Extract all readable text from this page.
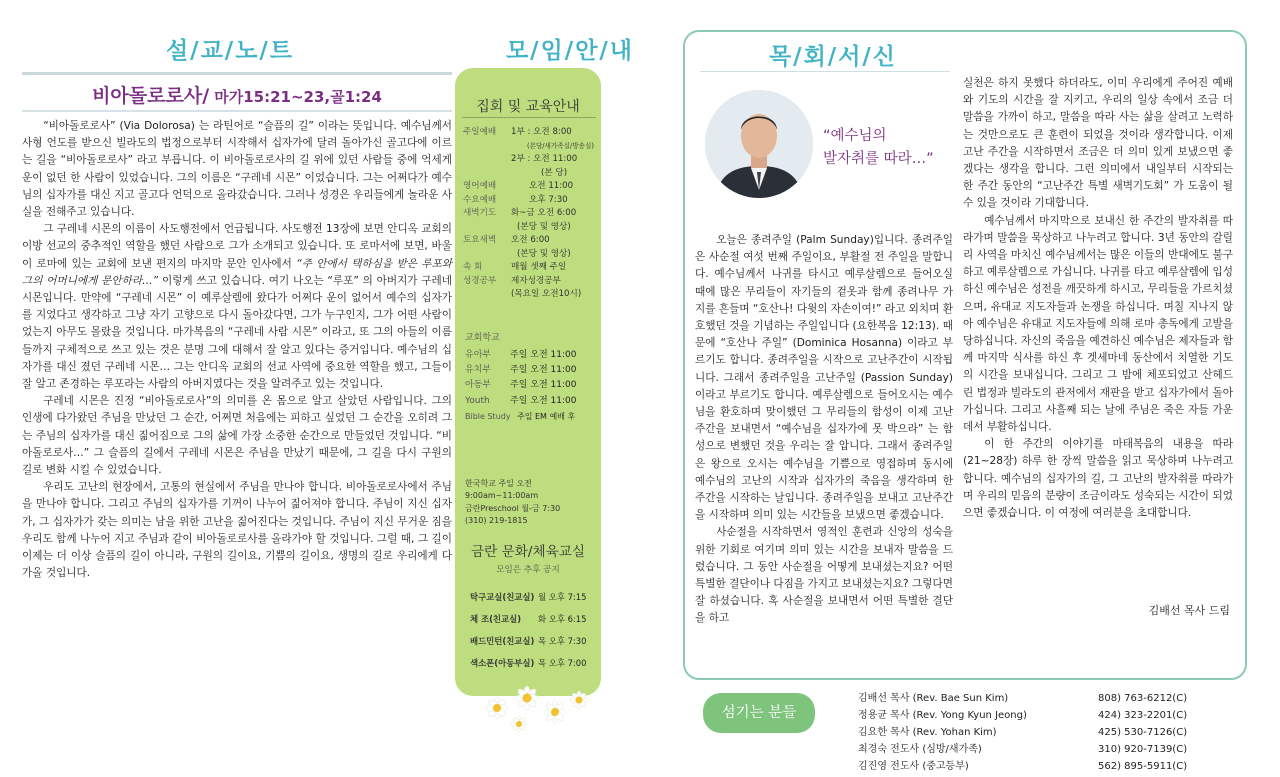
설/교/노/트
비아돌로로사/ 마가15:21~23,골1:24

“비아돌로로사” (Via Dolorosa) 는 라틴어로 “슬픔의 길” 이라는 뜻입니다. 예수님께서 사형 언도를 받으신 빌라도의 법정으로부터 시작해서 십자가에 달려 돌아가신 골고다에 이르는 길을 “비아돌로로사” 라고 부릅니다. 이 비아돌로로사의 길 위에 있던 사람들 중에 억세게 운이 없던 한 사람이 있었습니다. 그의 이름은 “구레네 시몬” 이었습니다. 그는 어쩌다가 예수님의 십자가를 대신 지고 골고다 언덕으로 올라갔습니다. 그러나 성경은 우리들에게 놀라운 사실을 전해주고 있습니다.

그 구레네 시몬의 이름이 사도행전에서 언급됩니다. 사도행전 13장에 보면 안디옥 교회의 이방 선교의 중추적인 역할을 했던 사람으로 그가 소개되고 있습니다. 또 로마서에 보면, 바울이 로마에 있는 교회에 보낸 편지의 마지막 문안 인사에서 “주 안에서 택하심을 받은 루포와 그의 어머니에게 문안하라…” 이렇게 쓰고 있습니다. 여기 나오는 “루포” 의 아버지가 구레네 시몬입니다. 만약에 “구레네 시몬” 이 예루살렘에 왔다가 어쩌다 운이 없어서 예수의 십자가를 지었다고 생각하고 그냥 자기 고향으로 다시 돌아갔다면, 그가 누구인지, 그가 어떤 사람이었는지 아무도 몰랐을 것입니다. 마가복음의 “구레네 사람 시몬” 이라고, 또 그의 아들의 이름들까지 구체적으로 쓰고 있는 것은 분명 그에 대해서 잘 알고 있다는 증거입니다. 예수님의 십자가를 대신 졌던 구레네 시몬… 그는 안디옥 교회의 선교 사역에 중요한 역할을 했고, 그들이 잘 알고 존경하는 루포라는 사람의 아버지였다는 것을 알려주고 있는 것입니다.

구레네 시몬은 진정 “비아돌로로사”의 의미를 온 몸으로 알고 살았던 사람입니다. 그의 인생에 다가왔던 주님을 만났던 그 순간, 어쩌면 처음에는 피하고 싶었던 그 순간을 오히려 그는 주님의 십자가를 대신 짊어짐으로 그의 삶에 가장 소중한 순간으로 만들었던 것입니다. “비아돌로로사…” 그 슬픔의 길에서 구레네 시몬은 주님을 만났기 때문에, 그 길을 다시 구원의 길로 변화 시킬 수 있었습니다.

우리도 고난의 현장에서, 고통의 현실에서 주님을 만나야 합니다. 비아돌로로사에서 주님을 만나야 합니다. 그리고 주님의 십자가를 기꺼이 나누어 짊어져야 합니다. 주님이 지신 십자가, 그 십자가가 갖는 의미는 남을 위한 고난을 짊어진다는 것입니다. 주님이 지신 무거운 짐을 우리도 함께 나누어 지고 주님과 같이 비아돌로로사를 올라가야 할 것입니다. 그럴 때, 그 길이 이제는 더 이상 슬픔의 길이 아니라, 구원의 길이요, 기쁨의 길이요, 생명의 길로 우리에게 다가올 것입니다.

모/임/안/내
집회 및 교육안내
주일예배	1부 : 오전 8:00
(본당/새가족실/방송실)
2부 : 오전 11:00
(본 당)
영어예배	오전 11:00
수요예배	오후 7:30
새벽기도	화~금 오전 6:00
(본당 및 영상)
토요새벽	오전 6:00
(본당 및 영상)
속 회	매월 셋째 주일
성경공부	제자성경공부
(목요일 오전10시)
교회학교
유아부	주일 오전 11:00
유치부	주일 오전 11:00
아동부	주일 오전 11:00
Youth	주일 오전 11:00
Bible Study 주일 EM 예배 후
한국학교 주일 오전 9:00am~11:00am
금란Preschool 월-금 7:30
(310) 219-1815
금란 문화/체육교실
모임은 추후 공지
탁구교실(친교실) 월 오후 7:15
체 조(친교실)	화 오후 6:15
배드민턴(친교실) 목 오후 7:30
색소폰(아동부실) 목 오후 7:00
목/회/서/신
“예수님의
발자취를 따라…”

오늘은 종려주일 (Palm Sunday)입니다. 종려주일은 사순절 여섯 번째 주일이요, 부활절 전 주일을 말합니다. 예수님께서 나귀를 타시고 예루살렘으로 들어오실 때에 많은 무리들이 자기들의 겉옷과 함께 종려나무 가지를 흔들며 “호산나! 다윗의 자손이여!” 라고 외치며 환호했던 것을 기념하는 주일입니다 (요한복음 12:13). 때문에 “호산나 주일” (Dominica Hosanna) 이라고 부르기도 합니다. 종려주일을 시작으로 고난주간이 시작됩니다. 그래서 종려주일을 고난주일 (Passion Sunday) 이라고 부르기도 합니다. 예루살렘으로 들어오시는 예수님을 환호하며 맞이했던 그 무리들의 함성이 이제 고난주간을 보내면서 “예수님을 십자가에 못 박으라” 는 함성으로 변했던 것을 우리는 잘 압니다. 그래서 종려주일은 왕으로 오시는 예수님을 기쁨으로 영접하며 동시에 예수님의 고난의 시작과 십자가의 죽음을 생각하며 한 주간을 시작하는 날입니다. 종려주일을 보내고 고난주간을 시작하며 의미 있는 시간들을 보냈으면 좋겠습니다.

사순절을 시작하면서 영적인 훈련과 신앙의 성숙을 위한 기회로 여기며 의미 있는 시간을 보내자 말씀을 드렸습니다. 그 동안 사순절을 어떻게 보내셨는지요? 어떤 특별한 결단이나 다짐을 가지고 보내셨는지요? 그렇다면 잘 하셨습니다. 혹 사순절을 보내면서 어떤 특별한 결단을 하고

실천은 하지 못했다 하더라도, 이미 우리에게 주어진 예배와 기도의 시간을 잘 지키고, 우리의 일상 속에서 조금 더 말씀을 가까이 하고, 말씀을 따라 사는 삶을 살려고 노력하는 것만으로도 큰 훈련이 되었을 것이라 생각합니다. 이제 고난 주간을 시작하면서 조금은 더 의미 있게 보냈으면 좋겠다는 생각을 합니다. 그런 의미에서 내일부터 시작되는 한 주간 동안의 “고난주간 특별 새벽기도회” 가 도움이 될 수 있을 것이라 기대합니다.

예수님께서 마지막으로 보내신 한 주간의 발자취를 따라가며 말씀을 묵상하고 나누려고 합니다. 3년 동안의 갈릴리 사역을 마치신 예수님께서는 많은 이들의 반대에도 불구하고 예루살렘으로 가십니다. 나귀를 타고 예루살렘에 입성하신 예수님은 성전을 깨끗하게 하시고, 무리들을 가르치셨으며, 유대교 지도자들과 논쟁을 하십니다. 며칠 지나지 않아 예수님은 유대교 지도자들에 의해 로마 총독에게 고발을 당하십니다. 자신의 죽음을 예견하신 예수님은 제자들과 함께 마지막 식사를 하신 후 겟세마네 동산에서 치열한 기도의 시간을 보내십니다. 그리고 그 밤에 체포되었고 산헤드린 법정과 빌라도의 관저에서 재판을 받고 십자가에서 돌아가십니다. 그리고 사흘째 되는 날에 주님은 죽은 자들 가운데서 부활하십니다.

이 한 주간의 이야기를 마태복음의 내용을 따라 (21~28장) 하루 한 장씩 말씀을 읽고 묵상하며 나누려고 합니다. 예수님의 십자가의 길, 그 고난의 발자취를 따라가며 우리의 믿음의 분량이 조금이라도 성숙되는 시간이 되었으면 좋겠습니다. 이 여정에 여러분을 초대합니다.

김배선 목사 드림
섬기는 분들
김배선 목사 (Rev. Bae Sun Kim)	808) 763-6212(C)
정용균 목사 (Rev. Yong Kyun Jeong)	424) 323-2201(C)
김요한 목사 (Rev. Yohan Kim)	425) 530-7126(C)
최경숙 전도사 (심방/새가족)	310) 920-7139(C)
김진영 전도사 (중고등부)	562) 895-5911(C)
